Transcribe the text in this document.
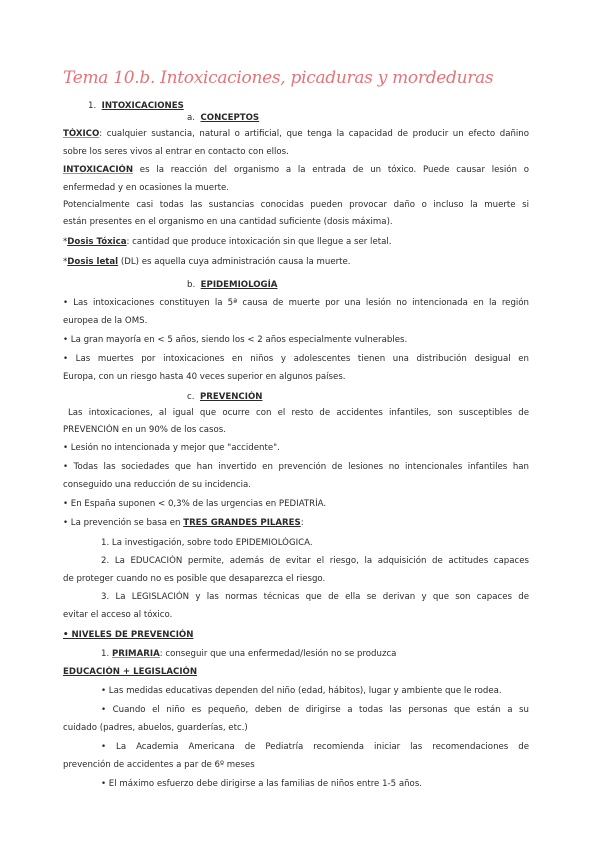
Tema 10.b. Intoxicaciones, picaduras y mordeduras
1. INTOXICACIONES
a. CONCEPTOS
TÓXICO: cualquier sustancia, natural o artificial, que tenga la capacidad de producir un efecto dañino
sobre los seres vivos al entrar en contacto con ellos.
INTOXICACIÓN es la reacción del organismo a la entrada de un tóxico. Puede causar lesión o
enfermedad y en ocasiones la muerte.
Potencialmente casi todas las sustancias conocidas pueden provocar daño o incluso la muerte si
están presentes en el organismo en una cantidad suficiente (dosis máxima).
*Dosis Tóxica: cantidad que produce intoxicación sin que llegue a ser letal.
*Dosis letal (DL) es aquella cuya administración causa la muerte.
b. EPIDEMIOLOGÍA
• Las intoxicaciones constituyen la 5ª causa de muerte por una lesión no intencionada en la región
europea de la OMS.
• La gran mayoría en < 5 años, siendo los < 2 años especialmente vulnerables.
• Las muertes por intoxicaciones en niños y adolescentes tienen una distribución desigual en
Europa, con un riesgo hasta 40 veces superior en algunos países.
c. PREVENCIÓN
Las intoxicaciones, al igual que ocurre con el resto de accidentes infantiles, son susceptibles de
PREVENCIÓN en un 90% de los casos.
• Lesión no intencionada y mejor que "accidente".
• Todas las sociedades que han invertido en prevención de lesiones no intencionales infantiles han
conseguido una reducción de su incidencia.
• En España suponen < 0,3% de las urgencias en PEDIATRÍA.
• La prevención se basa en TRES GRANDES PILARES:
1. La investigación, sobre todo EPIDEMIOLÓGICA.
2. La EDUCACIÓN permite, además de evitar el riesgo, la adquisición de actitudes capaces
de proteger cuando no es posible que desaparezca el riesgo.
3. La LEGISLACIÓN y las normas técnicas que de ella se derivan y que son capaces de
evitar el acceso al tóxico.
• NIVELES DE PREVENCIÓN
1. PRIMARIA: conseguir que una enfermedad/lesión no se produzca
EDUCACIÓN + LEGISLACIÓN
• Las medidas educativas dependen del niño (edad, hábitos), lugar y ambiente que le rodea.
• Cuando el niño es pequeño, deben de dirigirse a todas las personas que están a su
cuidado (padres, abuelos, guarderías, etc.)
• La Academia Americana de Pediatría recomienda iniciar las recomendaciones de
prevención de accidentes a par de 6º meses
• El máximo esfuerzo debe dirigirse a las familias de niños entre 1-5 años.
